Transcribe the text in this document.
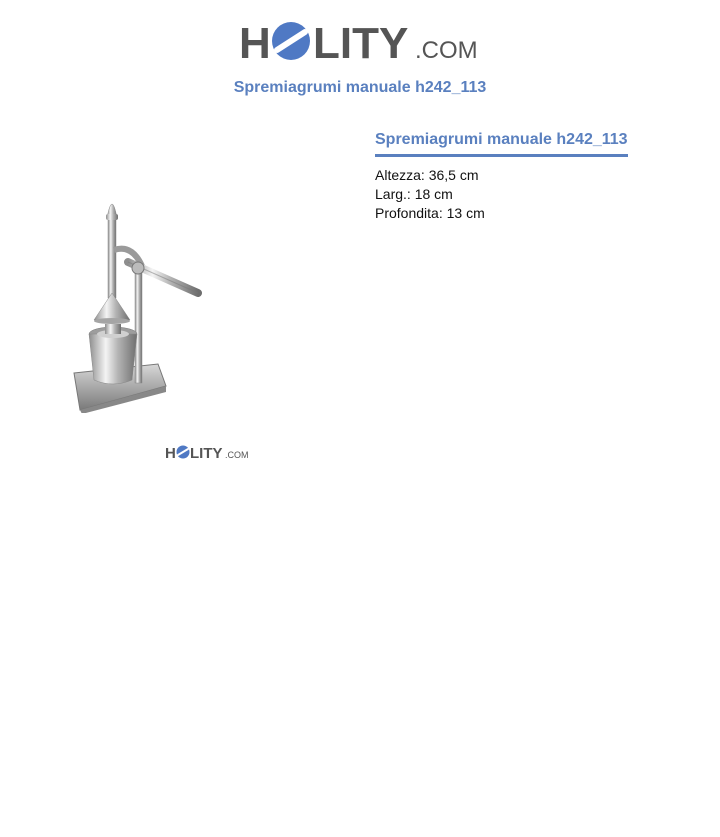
H LITY .COM
Spremiagrumi manuale h242_113
H LITY .COM
Spremiagrumi manuale h242_113
Altezza: 36,5 cm
Larg.: 18 cm
Profondita: 13 cm
